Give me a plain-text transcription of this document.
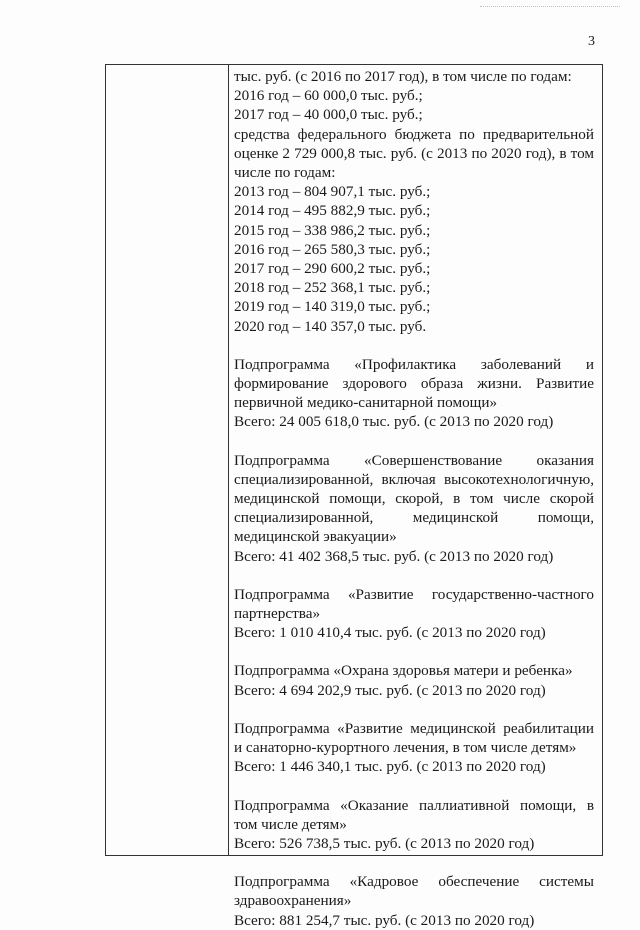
3
тыс. руб. (с 2016 по 2017 год), в том числе по годам:
2016 год – 60 000,0 тыс. руб.;
2017 год – 40 000,0 тыс. руб.;
средства федерального бюджета по предварительной
оценке 2 729 000,8 тыс. руб. (с 2013 по 2020 год), в том
числе по годам:
2013 год – 804 907,1 тыс. руб.;
2014 год – 495 882,9 тыс. руб.;
2015 год – 338 986,2 тыс. руб.;
2016 год – 265 580,3 тыс. руб.;
2017 год – 290 600,2 тыс. руб.;
2018 год – 252 368,1 тыс. руб.;
2019 год – 140 319,0 тыс. руб.;
2020 год – 140 357,0 тыс. руб.
Подпрограмма «Профилактика заболеваний и
формирование здорового образа жизни. Развитие
первичной медико-санитарной помощи»
Всего: 24 005 618,0 тыс. руб. (с 2013 по 2020 год)
Подпрограмма «Совершенствование оказания
специализированной, включая высокотехнологичную,
медицинской помощи, скорой, в том числе скорой
специализированной, медицинской помощи,
медицинской эвакуации»
Всего: 41 402 368,5 тыс. руб. (с 2013 по 2020 год)
Подпрограмма «Развитие государственно-частного
партнерства»
Всего: 1 010 410,4 тыс. руб. (с 2013 по 2020 год)
Подпрограмма «Охрана здоровья матери и ребенка»
Всего: 4 694 202,9 тыс. руб. (с 2013 по 2020 год)
Подпрограмма «Развитие медицинской реабилитации
и санаторно-курортного лечения, в том числе детям»
Всего: 1 446 340,1 тыс. руб. (с 2013 по 2020 год)
Подпрограмма «Оказание паллиативной помощи, в
том числе детям»
Всего: 526 738,5 тыс. руб. (с 2013 по 2020 год)
Подпрограмма «Кадровое обеспечение системы
здравоохранения»
Всего: 881 254,7 тыс. руб. (с 2013 по 2020 год)
